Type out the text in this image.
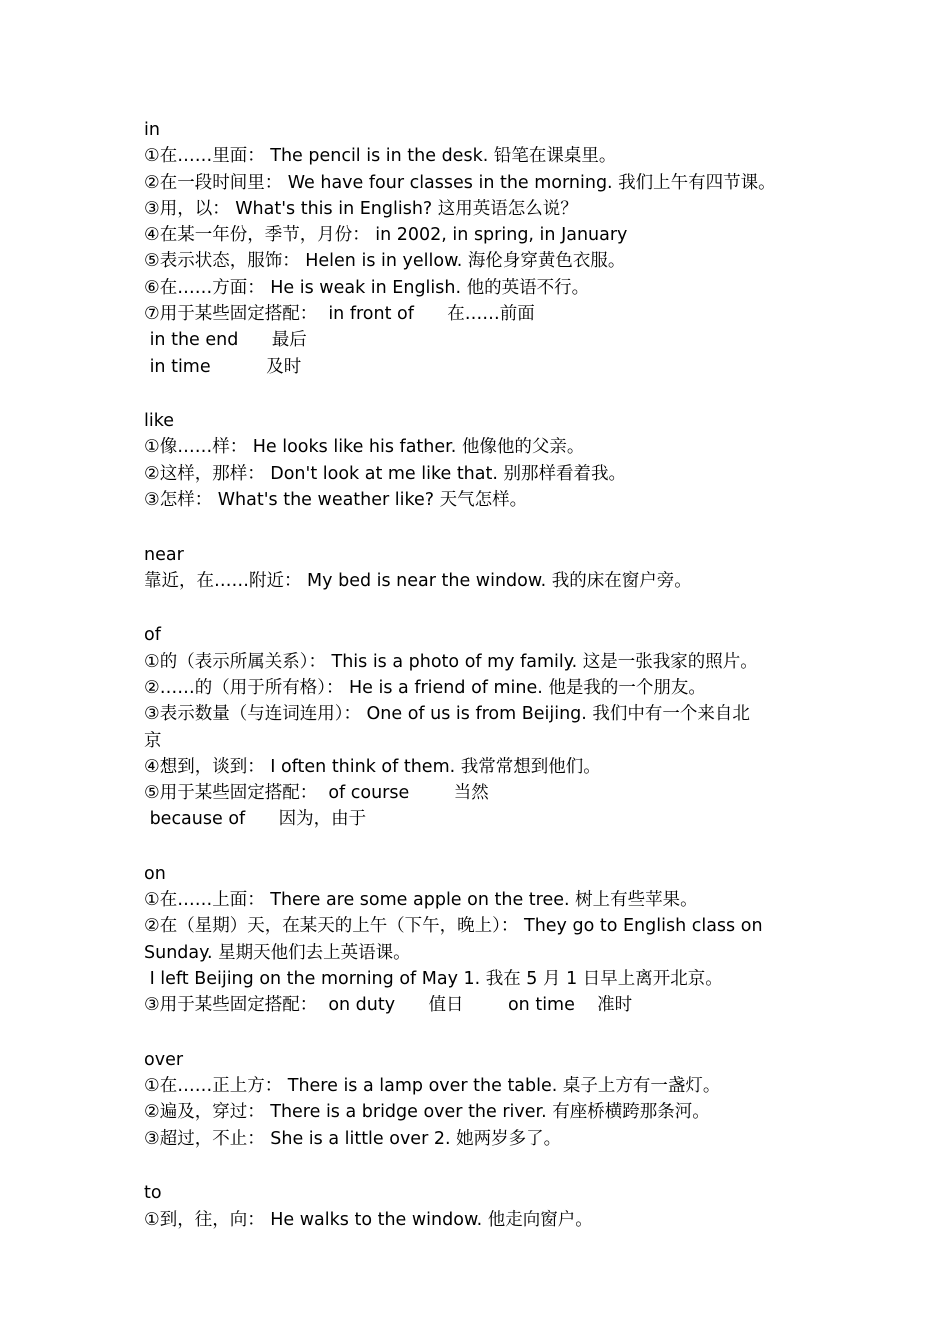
in
①在……里面： The pencil is in the desk. 铅笔在课桌里。
②在一段时间里： We have four classes in the morning. 我们上午有四节课。
③用，以： What's this in English? 这用英语怎么说？
④在某一年份，季节，月份： in 2002, in spring, in January
⑤表示状态，服饰： Helen is in yellow. 海伦身穿黄色衣服。
⑥在……方面： He is weak in English. 他的英语不行。
⑦用于某些固定搭配：  in front of      在……前面
in the end      最后
in time          及时
like
①像……样： He looks like his father. 他像他的父亲。
②这样，那样： Don't look at me like that. 别那样看着我。
③怎样： What's the weather like? 天气怎样。
near
靠近，在……附近： My bed is near the window. 我的床在窗户旁。
of
①的（表示所属关系）： This is a photo of my family. 这是一张我家的照片。
②……的（用于所有格）： He is a friend of mine. 他是我的一个朋友。
③表示数量（与连词连用）： One of us is from Beijing. 我们中有一个来自北
京
④想到，谈到： I often think of them. 我常常想到他们。
⑤用于某些固定搭配：  of course        当然
because of      因为，由于
on
①在……上面： There are some apple on the tree. 树上有些苹果。
②在（星期）天，在某天的上午（下午，晚上）： They go to English class on
Sunday. 星期天他们去上英语课。
I left Beijing on the morning of May 1. 我在 5 月 1 日早上离开北京。
③用于某些固定搭配：  on duty      值日        on time    准时
over
①在……正上方： There is a lamp over the table. 桌子上方有一盏灯。
②遍及，穿过： There is a bridge over the river. 有座桥横跨那条河。
③超过，不止： She is a little over 2. 她两岁多了。
to
①到，往，向： He walks to the window. 他走向窗户。
